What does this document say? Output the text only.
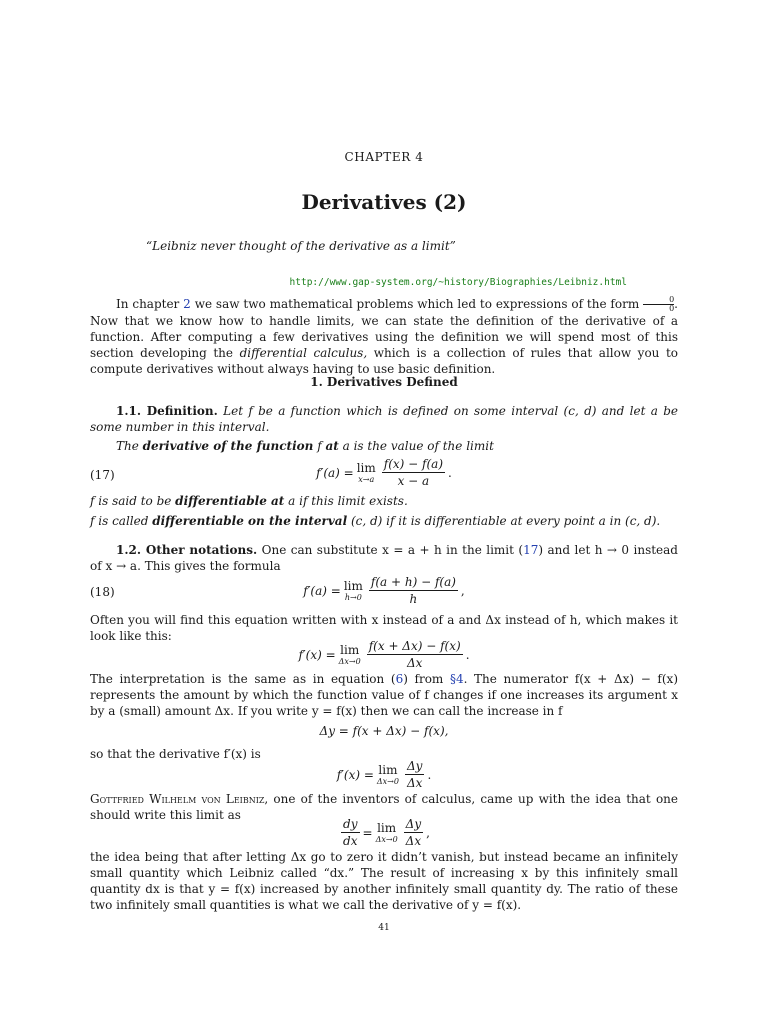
CHAPTER 4
Derivatives (2)
“Leibniz never thought of the derivative as a limit”
http://www.gap-system.org/~history/Biographies/Leibniz.html
In chapter 2 we saw two mathematical problems which led to expressions of the form $\frac{0}{0}$ . Now that we know how to handle limits, we can state the definition of the derivative of a function. After computing a few derivatives using the definition we will spend most of this section developing the differential calculus, which is a collection of rules that allow you to compute derivatives without always having to use basic definition.
1. Derivatives Defined
1.1. Definition. Let f be a function which is defined on some interval (c, d) and let a be some number in this interval.
The derivative of the function f at a is the value of the limit
(17)	f′(a) = lim
$x\to a \frac{f(x) - f(a)}{x - a}$ .
f is said to be differentiable at a if this limit exists.
f is called differentiable on the interval (c, d) if it is differentiable at every point a in (c, d).
1.2. Other notations. One can substitute x = a + h in the limit (17) and let h → 0 instead of x → a. This gives the formula
(18)	f′(a) = lim
$h\to 0 \frac{f(a + h) - f(a)}{h}$ ,
Often you will find this equation written with x instead of a and Δx instead of h, which makes it look like this:
f′(x) = lim
$\Delta x\to 0 \frac{f(x + \Delta x) - f(x)}{\Delta x}$ .
The interpretation is the same as in equation (6) from §4. The numerator f(x + Δx) − f(x) represents the amount by which the function value of f changes if one increases its argument x by a (small) amount Δx. If you write y = f(x) then we can call the increase in f
Δy = f(x + Δx) − f(x),
so that the derivative f′(x) is
f′(x) = lim
$\Delta x\to 0 \frac{\Delta y}{\Delta x}$ .
Gottfried Wilhelm von Leibniz, one of the inventors of calculus, came up with the idea that one should write this limit as
$\frac{dy}{dx} = \lim$
$\Delta x\to 0 \frac{\Delta y}{\Delta x}$ ,
the idea being that after letting Δx go to zero it didn’t vanish, but instead became an infinitely small quantity which Leibniz called “dx.” The result of increasing x by this infinitely small quantity dx is that y = f(x) increased by another infinitely small quantity dy. The ratio of these two infinitely small quantities is what we call the derivative of y = f(x).
41
